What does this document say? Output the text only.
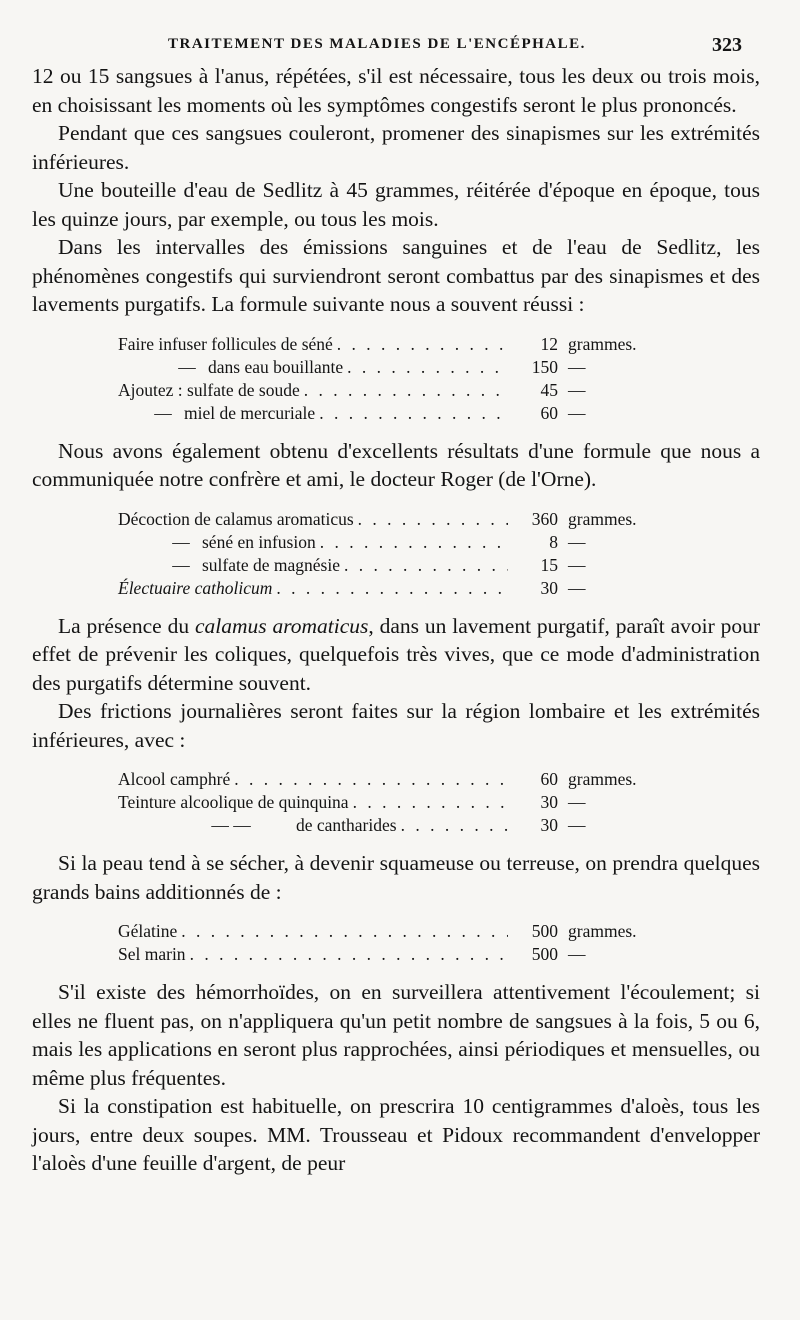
TRAITEMENT DES MALADIES DE L'ENCÉPHALE.	323

12 ou 15 sangsues à l'anus, répétées, s'il est nécessaire, tous les deux ou trois mois, en choisissant les moments où les symptômes congestifs seront le plus prononcés.

Pendant que ces sangsues couleront, promener des sinapismes sur les extrémités inférieures.

Une bouteille d'eau de Sedlitz à 45 grammes, réitérée d'époque en époque, tous les quinze jours, par exemple, ou tous les mois.

Dans les intervalles des émissions sanguines et de l'eau de Sedlitz, les phénomènes congestifs qui surviendront seront combattus par des sinapismes et des lavements purgatifs. La formule suivante nous a souvent réussi :

Faire infuser follicules de séné . . .	12 grammes.
— dans eau bouillante . . .	150 —
Ajoutez : sulfate de soude . . .	45 —
— miel de mercuriale . . .	60 —

Nous avons également obtenu d'excellents résultats d'une formule que nous a communiquée notre confrère et ami, le docteur Roger (de l'Orne).

Décoction de calamus aromaticus . . .	360 grammes.
— séné en infusion . . .	8 —
— sulfate de magnésie . . .	15 —
Électuaire catholicum . . .	30 —

La présence du calamus aromaticus, dans un lavement purgatif, paraît avoir pour effet de prévenir les coliques, quelquefois très vives, que ce mode d'administration des purgatifs détermine souvent.

Des frictions journalières seront faites sur la région lombaire et les extrémités inférieures, avec :

Alcool camphré . . .	60 grammes.
Teinture alcoolique de quinquina . . .	30 —
— —	de cantharides . . .	30 —

Si la peau tend à se sécher, à devenir squameuse ou terreuse, on prendra quelques grands bains additionnés de :

Gélatine . . .	500 grammes.
Sel marin . . .	500 —

S'il existe des hémorrhoïdes, on en surveillera attentivement l'écoulement; si elles ne fluent pas, on n'appliquera qu'un petit nombre de sangsues à la fois, 5 ou 6, mais les applications en seront plus rapprochées, ainsi périodiques et mensuelles, ou même plus fréquentes.

Si la constipation est habituelle, on prescrira 10 centigrammes d'aloès, tous les jours, entre deux soupes. MM. Trousseau et Pidoux recommandent d'envelopper l'aloès d'une feuille d'argent, de peur
